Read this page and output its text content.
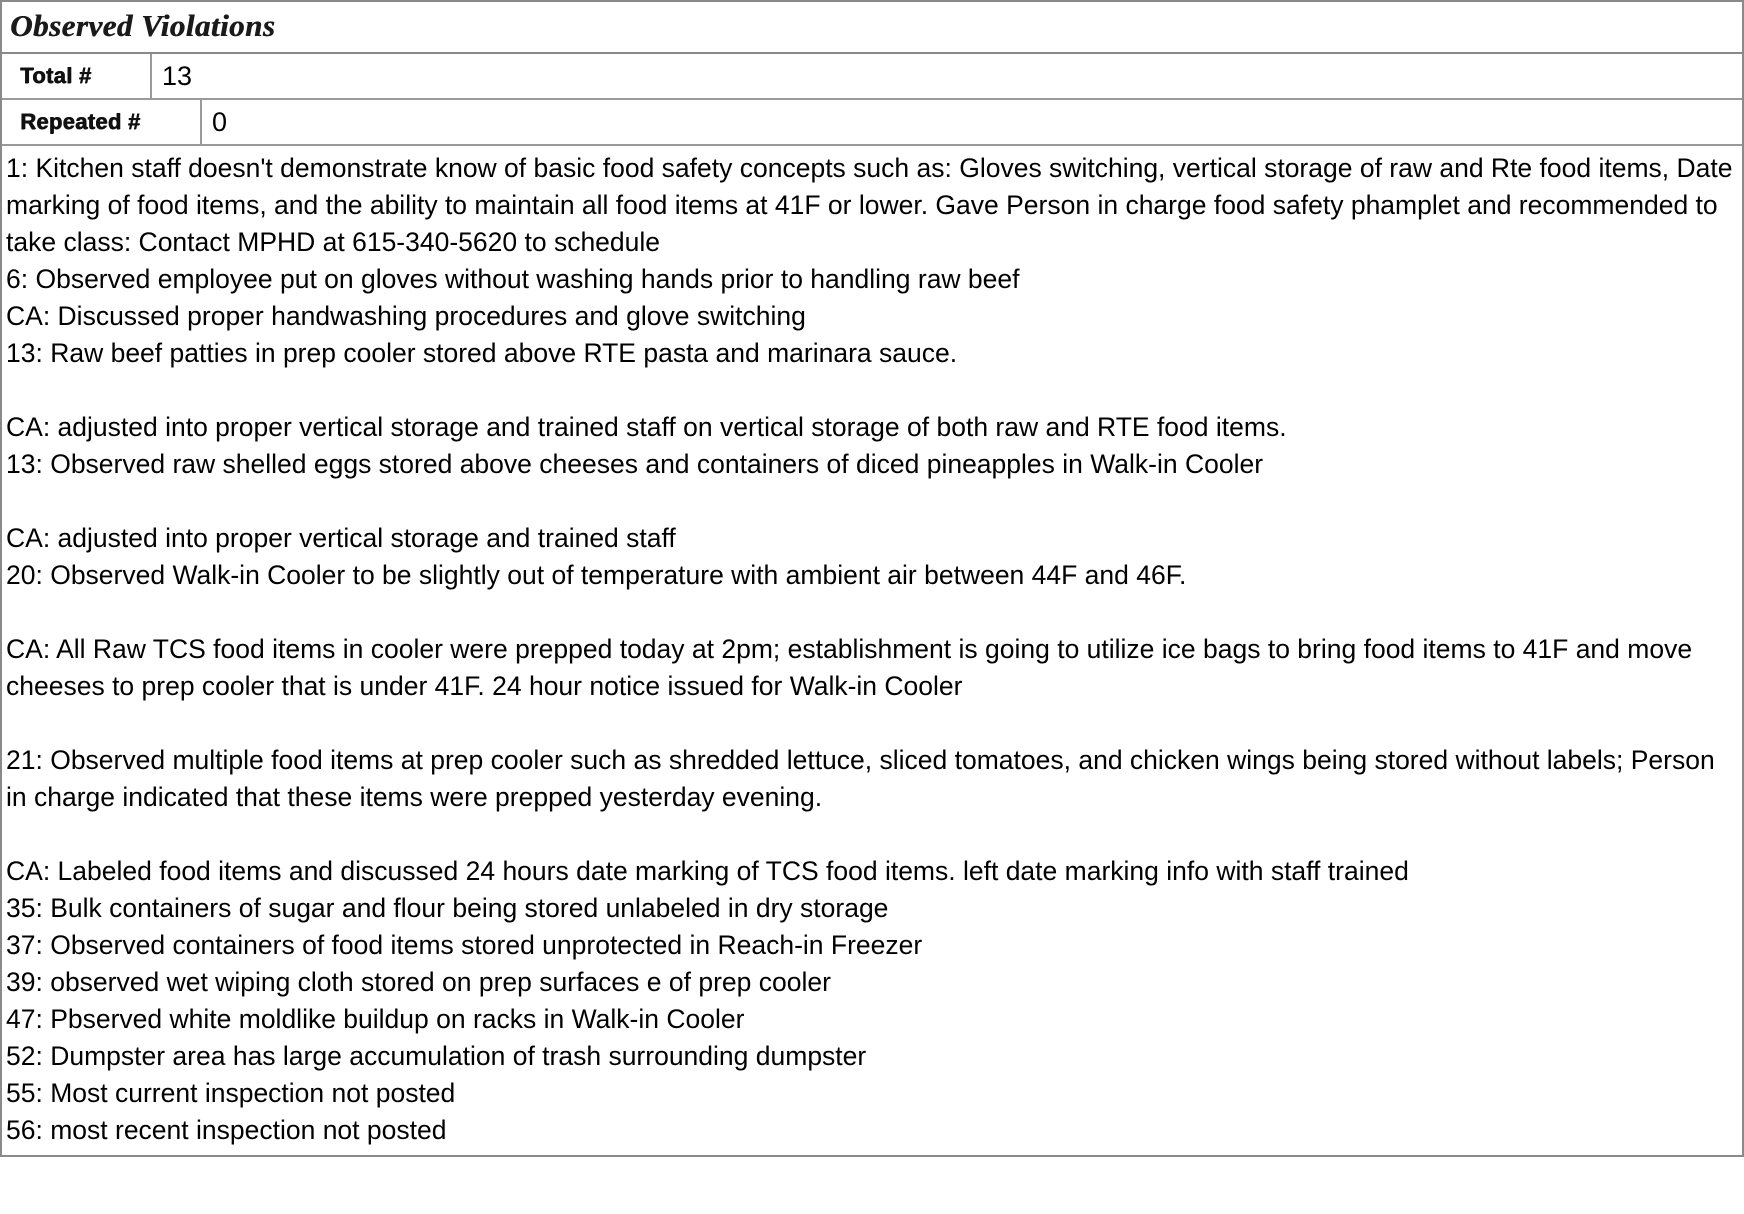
Observed Violations
Total #	13
Repeated #	0
1: Kitchen staff doesn't demonstrate know of basic food safety concepts such as: Gloves switching, vertical storage of raw and Rte food items, Date marking of food items, and the ability to maintain all food items at 41F or lower. Gave Person in charge food safety phamplet and recommended to take class: Contact MPHD at 615-340-5620 to schedule
6: Observed employee put on gloves without washing hands prior to handling raw beef
CA: Discussed proper handwashing procedures and glove switching
13: Raw beef patties in prep cooler stored above RTE pasta and marinara sauce.
CA: adjusted into proper vertical storage and trained staff on vertical storage of both raw and RTE food items.
13: Observed raw shelled eggs stored above cheeses and containers of diced pineapples in Walk-in Cooler
CA: adjusted into proper vertical storage and trained staff
20: Observed Walk-in Cooler to be slightly out of temperature with ambient air between 44F and 46F.
CA: All Raw TCS food items in cooler were prepped today at 2pm; establishment is going to utilize ice bags to bring food items to 41F and move cheeses to prep cooler that is under 41F. 24 hour notice issued for Walk-in Cooler
21: Observed multiple food items at prep cooler such as shredded lettuce, sliced tomatoes, and chicken wings being stored without labels; Person in charge indicated that these items were prepped yesterday evening.
CA: Labeled food items and discussed 24 hours date marking of TCS food items. left date marking info with staff trained
35: Bulk containers of sugar and flour being stored unlabeled in dry storage
37: Observed containers of food items stored unprotected in Reach-in Freezer
39: observed wet wiping cloth stored on prep surfaces e of prep cooler
47: Pbserved white moldlike buildup on racks in Walk-in Cooler
52: Dumpster area has large accumulation of trash surrounding dumpster
55: Most current inspection not posted
56: most recent inspection not posted
